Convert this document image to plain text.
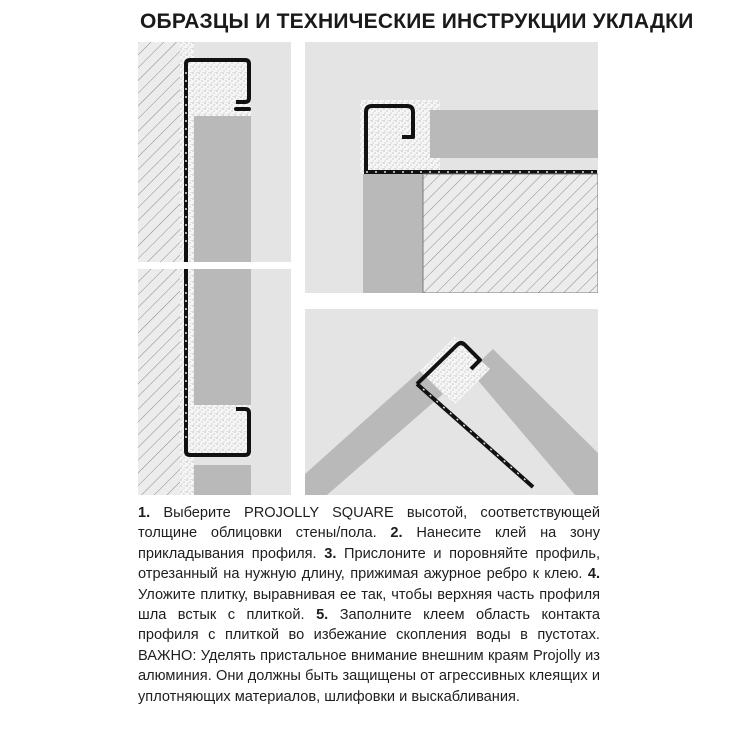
ОБРАЗЦЫ И ТЕХНИЧЕСКИЕ ИНСТРУКЦИИ УКЛАДКИ
1. Выберите PROJOLLY SQUARE высотой, соответствующей толщине облицовки стены/пола. 2. Нанесите клей на зону прикладывания профиля. 3. Прислоните и поровняйте профиль, отрезанный на нужную длину, прижимая ажурное ребро к клею. 4. Уложите плитку, выравнивая ее так, чтобы верхняя часть профиля шла встык с плиткой. 5. Заполните клеем область контакта профиля с плиткой во избежание скопления воды в пустотах. ВАЖНО: Уделять пристальное внимание внешним краям Projolly из алюминия. Они должны быть защищены от агрессивных клеящих и уплотняющих материалов, шлифовки и выскабливания.
